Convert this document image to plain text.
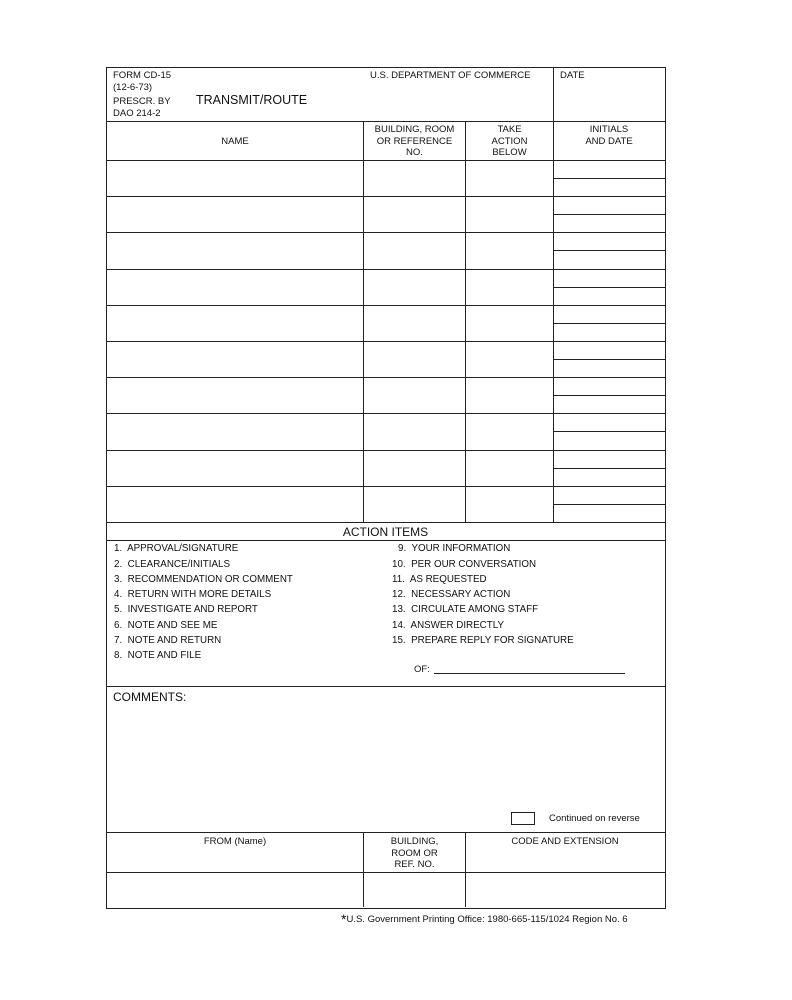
FORM CD-15
(12-6-73)
PRESCR. BY
DAO 214-2
TRANSMIT/ROUTE
U.S. DEPARTMENT OF COMMERCE	DATE
NAME
BUILDING, ROOM
OR REFERENCE
NO.
TAKE
ACTION
BELOW
INITIALS
AND DATE
ACTION ITEMS
1. APPROVAL/SIGNATURE
2. CLEARANCE/INITIALS
3. RECOMMENDATION OR COMMENT
4. RETURN WITH MORE DETAILS
5. INVESTIGATE AND REPORT
6. NOTE AND SEE ME
7. NOTE AND RETURN
8. NOTE AND FILE
9. YOUR INFORMATION
10. PER OUR CONVERSATION
11. AS REQUESTED
12. NECESSARY ACTION
13. CIRCULATE AMONG STAFF
14. ANSWER DIRECTLY
15. PREPARE REPLY FOR SIGNATURE
OF:
COMMENTS:
Continued on reverse
FROM (Name)	BUILDING,
ROOM OR
REF. NO.
CODE AND EXTENSION
*U.S. Government Printing Office: 1980-665-115/1024 Region No. 6
